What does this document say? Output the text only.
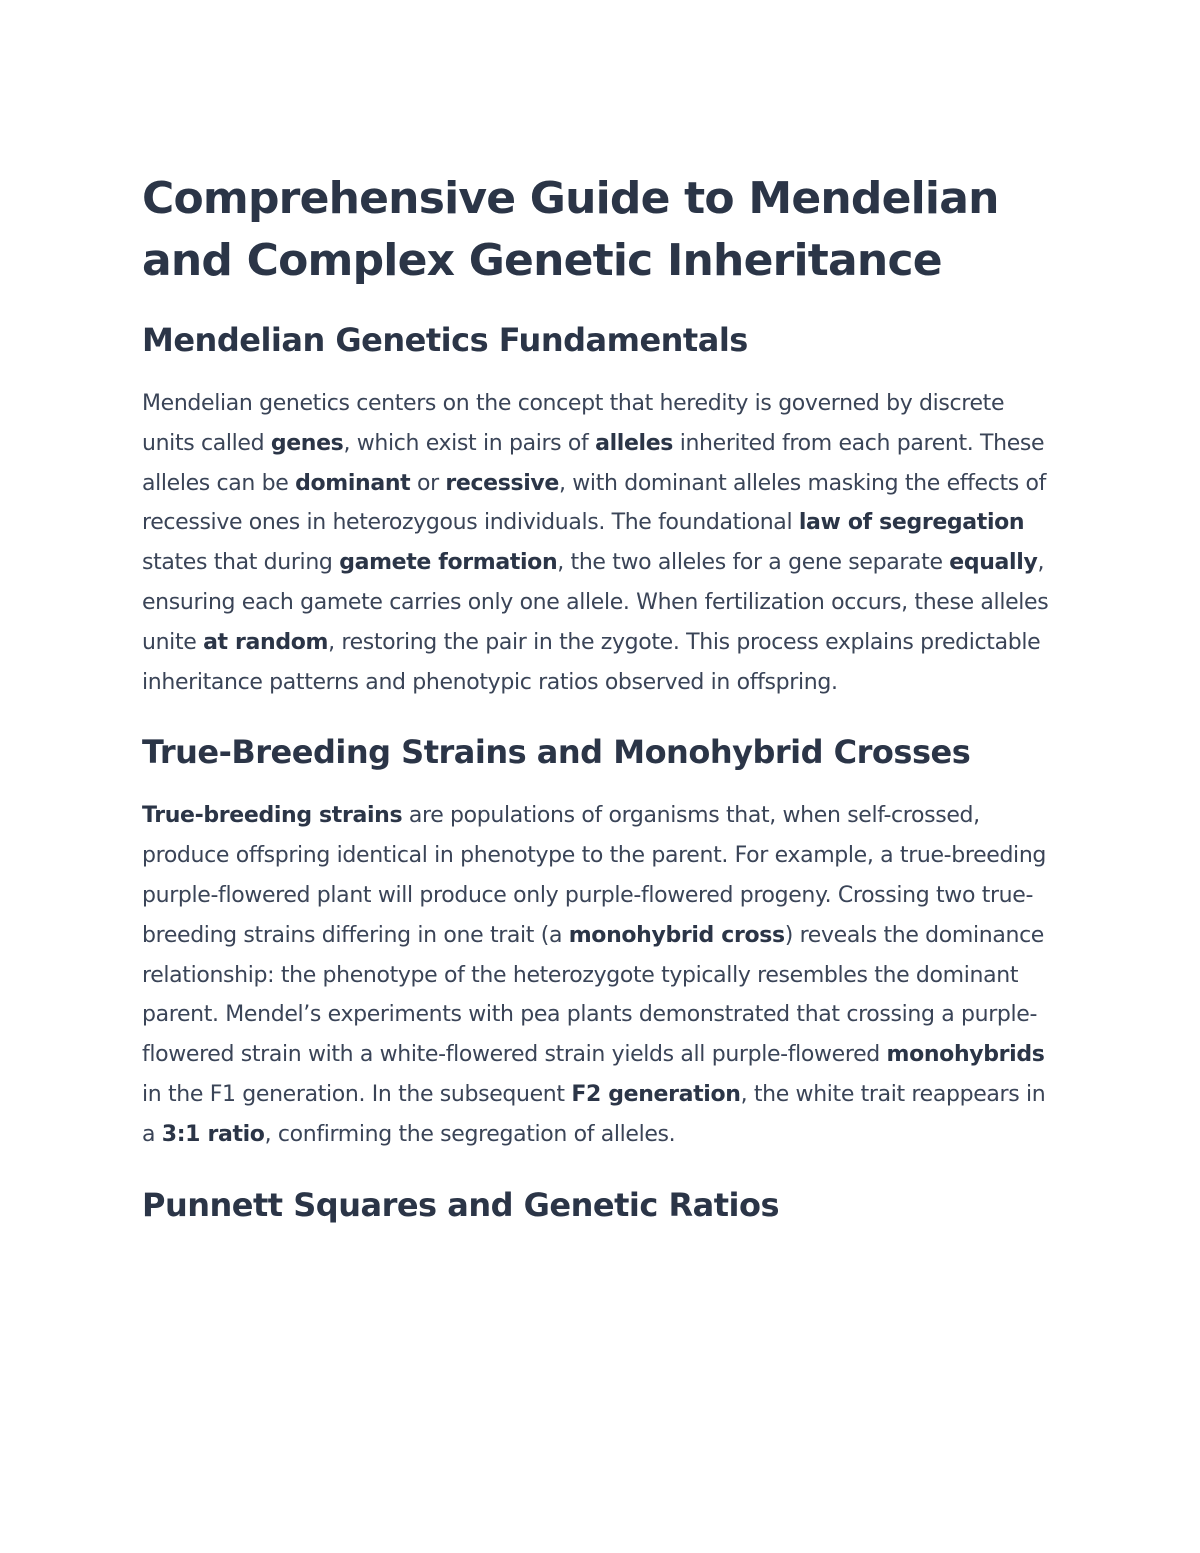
Comprehensive Guide to Mendelian and Complex Genetic Inheritance
Mendelian Genetics Fundamentals

Mendelian genetics centers on the concept that heredity is governed by discrete units called genes, which exist in pairs of alleles inherited from each parent. These alleles can be dominant or recessive, with dominant alleles masking the effects of recessive ones in heterozygous individuals. The foundational law of segregation states that during gamete formation, the two alleles for a gene separate equally, ensuring each gamete carries only one allele. When fertilization occurs, these alleles unite at random, restoring the pair in the zygote. This process explains predictable inheritance patterns and phenotypic ratios observed in offspring.

True-Breeding Strains and Monohybrid Crosses

True-breeding strains are populations of organisms that, when self-crossed, produce offspring identical in phenotype to the parent. For example, a true-breeding purple-flowered plant will produce only purple-flowered progeny. Crossing two true-breeding strains differing in one trait (a monohybrid cross) reveals the dominance relationship: the phenotype of the heterozygote typically resembles the dominant parent. Mendel’s experiments with pea plants demonstrated that crossing a purple-flowered strain with a white-flowered strain yields all purple-flowered monohybrids in the F1 generation. In the subsequent F2 generation, the white trait reappears in a 3:1 ratio, confirming the segregation of alleles.

Punnett Squares and Genetic Ratios
